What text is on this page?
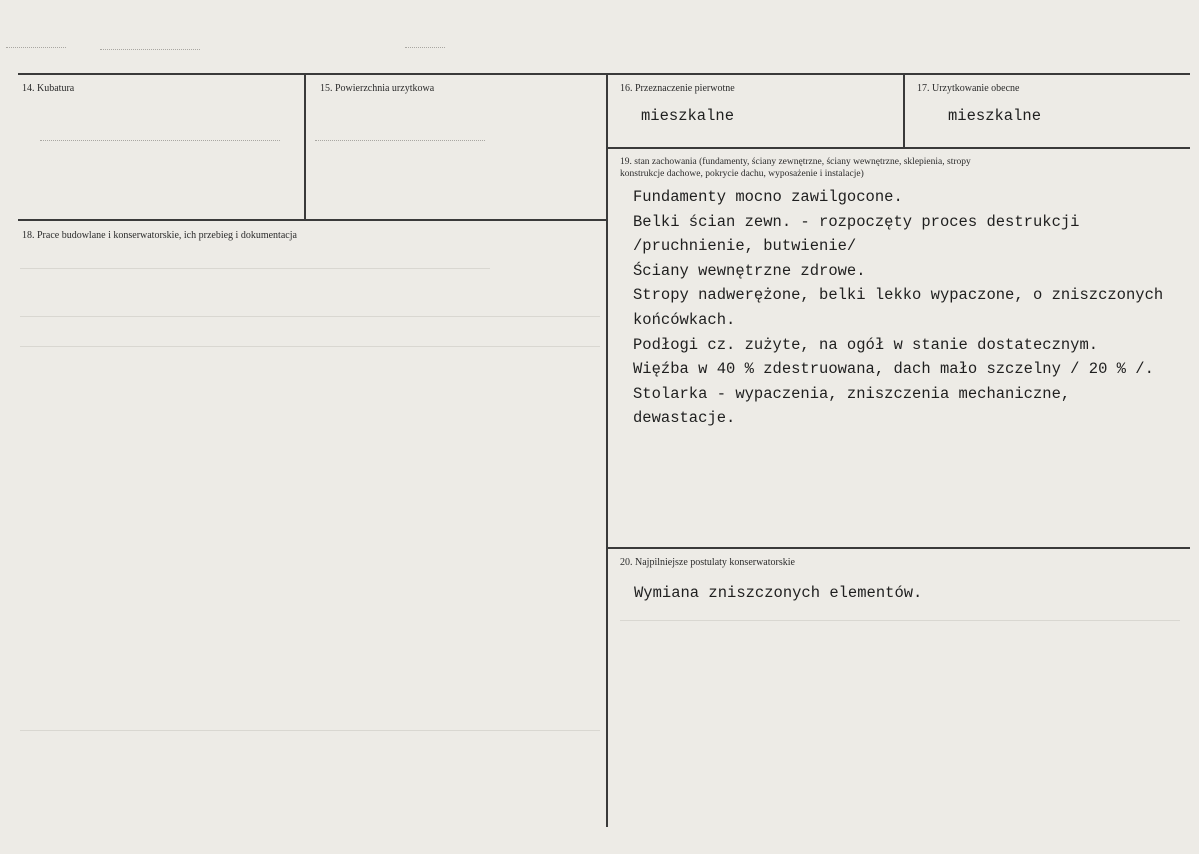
14. Kubatura	15. Powierzchnia urzytkowa	16. Przeznaczenie pierwotne
mieszkalne
17. Urzytkowanie obecne
mieszkalne
18. Prace budowlane i konserwatorskie, ich przebieg i dokumentacja
19. stan zachowania (fundamenty, ściany zewnętrzne, ściany wewnętrzne, sklepienia, stropy
konstrukcje dachowe, pokrycie dachu, wyposażenie i instalacje)
Fundamenty mocno zawilgocone.
Belki ścian zewn. - rozpoczęty proces destrukcji
/pruchnienie, butwienie/
Ściany wewnętrzne zdrowe.
Stropy nadwerężone, belki lekko wypaczone, o zniszczonych
końcówkach.
Podłogi cz. zużyte, na ogół w stanie dostatecznym.
Więźba w 40 % zdestruowana, dach mało szczelny / 20 % /.
Stolarka - wypaczenia, zniszczenia mechaniczne,
dewastacje.
20. Najpilniejsze postulaty konserwatorskie
Wymiana zniszczonych elementów.
